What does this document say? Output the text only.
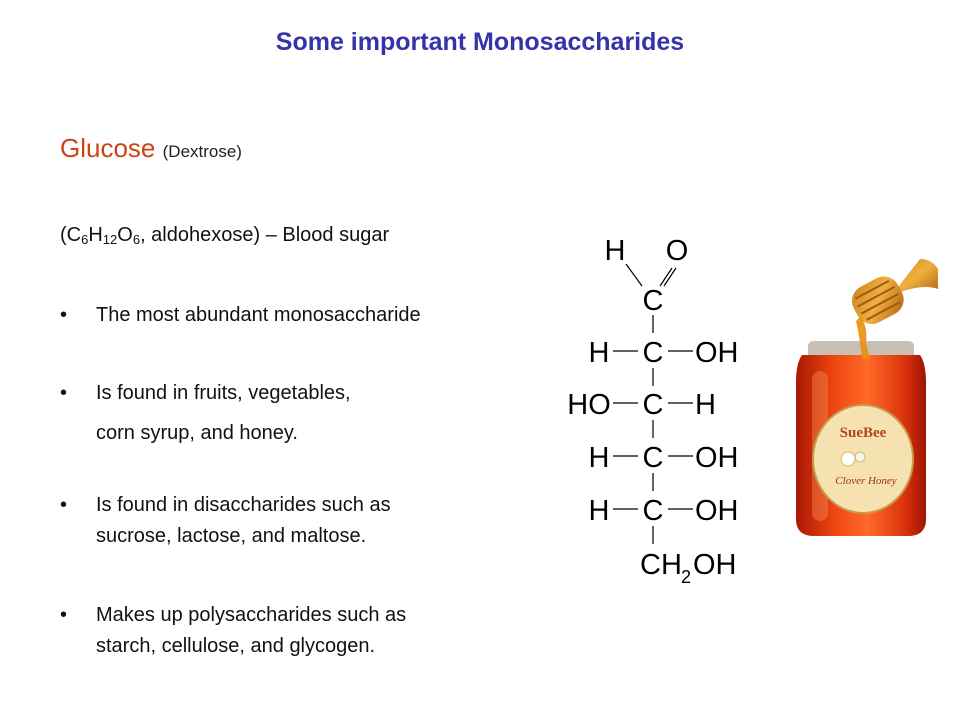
Some important Monosaccharides
Glucose (Dextrose)
($C_6H_{12}O_6$, aldohexose) – Blood sugar
• The most abundant monosaccharide
• Is found in fruits, vegetables,
corn syrup, and honey.
• Is found in disaccharides such as
sucrose, lactose, and maltose.
• Makes up polysaccharides such as
starch, cellulose, and glycogen.
H O
C
H C OH
HO C H
H C OH
H C OH
CH 2 OH
SueBee
Clover Honey
